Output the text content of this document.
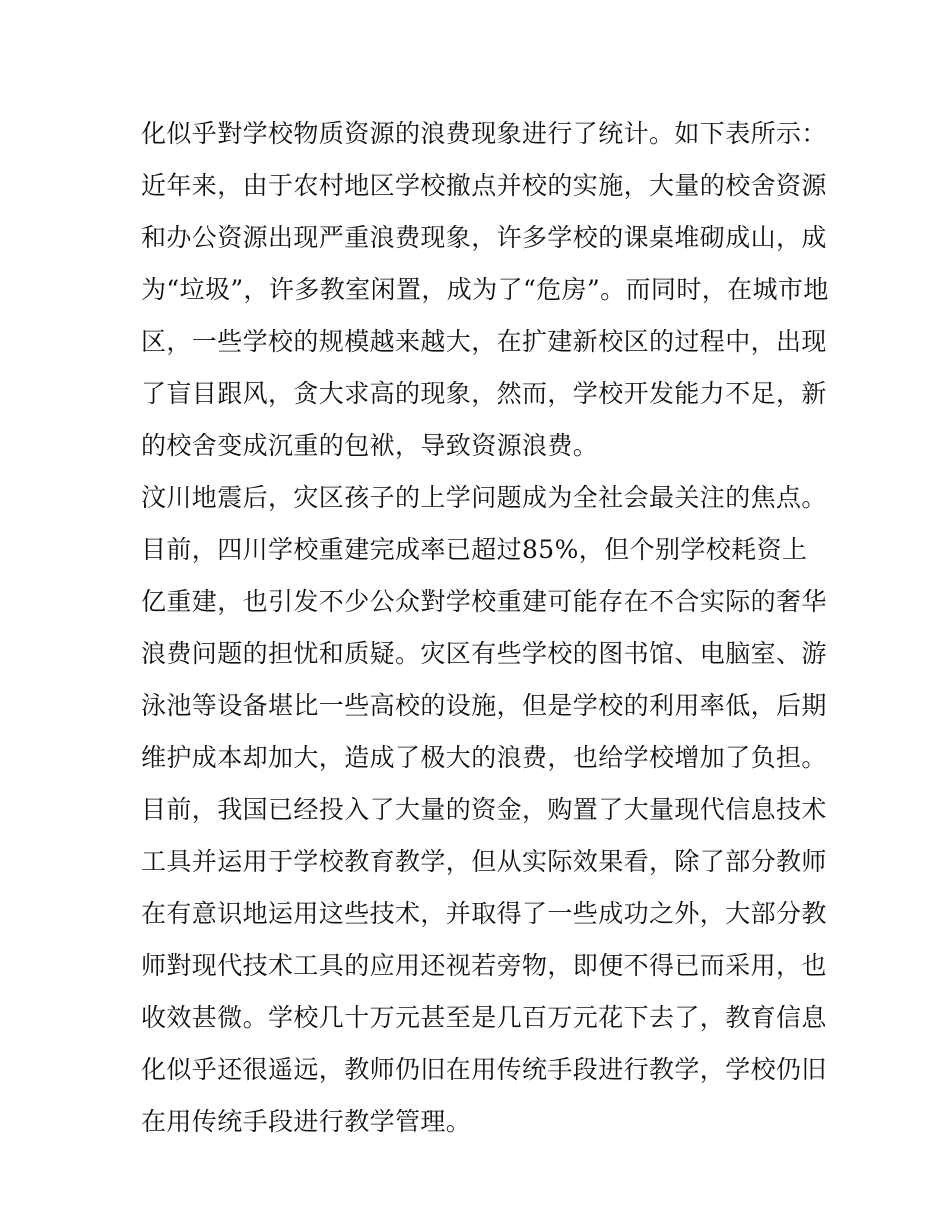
化似乎對学校物质资源的浪费现象进行了统计。如下表所示：
近年来，由于农村地区学校撤点并校的实施，大量的校舍资源
和办公资源出现严重浪费现象，许多学校的课桌堆砌成山，成
为“垃圾”，许多教室闲置，成为了“危房”。而同时，在城市地
区，一些学校的规模越来越大，在扩建新校区的过程中，出现
了盲目跟风，贪大求高的现象，然而，学校开发能力不足，新
的校舍变成沉重的包袱，导致资源浪费。
汶川地震后，灾区孩子的上学问题成为全社会最关注的焦点。
目前，四川学校重建完成率已超过85%，但个别学校耗资上
亿重建，也引发不少公众對学校重建可能存在不合实际的奢华
浪费问题的担忧和质疑。灾区有些学校的图书馆、电脑室、游
泳池等设备堪比一些高校的设施，但是学校的利用率低，后期
维护成本却加大，造成了极大的浪费，也给学校增加了负担。
目前，我国已经投入了大量的资金，购置了大量现代信息技术
工具并运用于学校教育教学，但从实际效果看，除了部分教师
在有意识地运用这些技术，并取得了一些成功之外，大部分教
师對现代技术工具的应用还视若旁物，即便不得已而采用，也
收效甚微。学校几十万元甚至是几百万元花下去了，教育信息
化似乎还很遥远，教师仍旧在用传统手段进行教学，学校仍旧
在用传统手段进行教学管理。
